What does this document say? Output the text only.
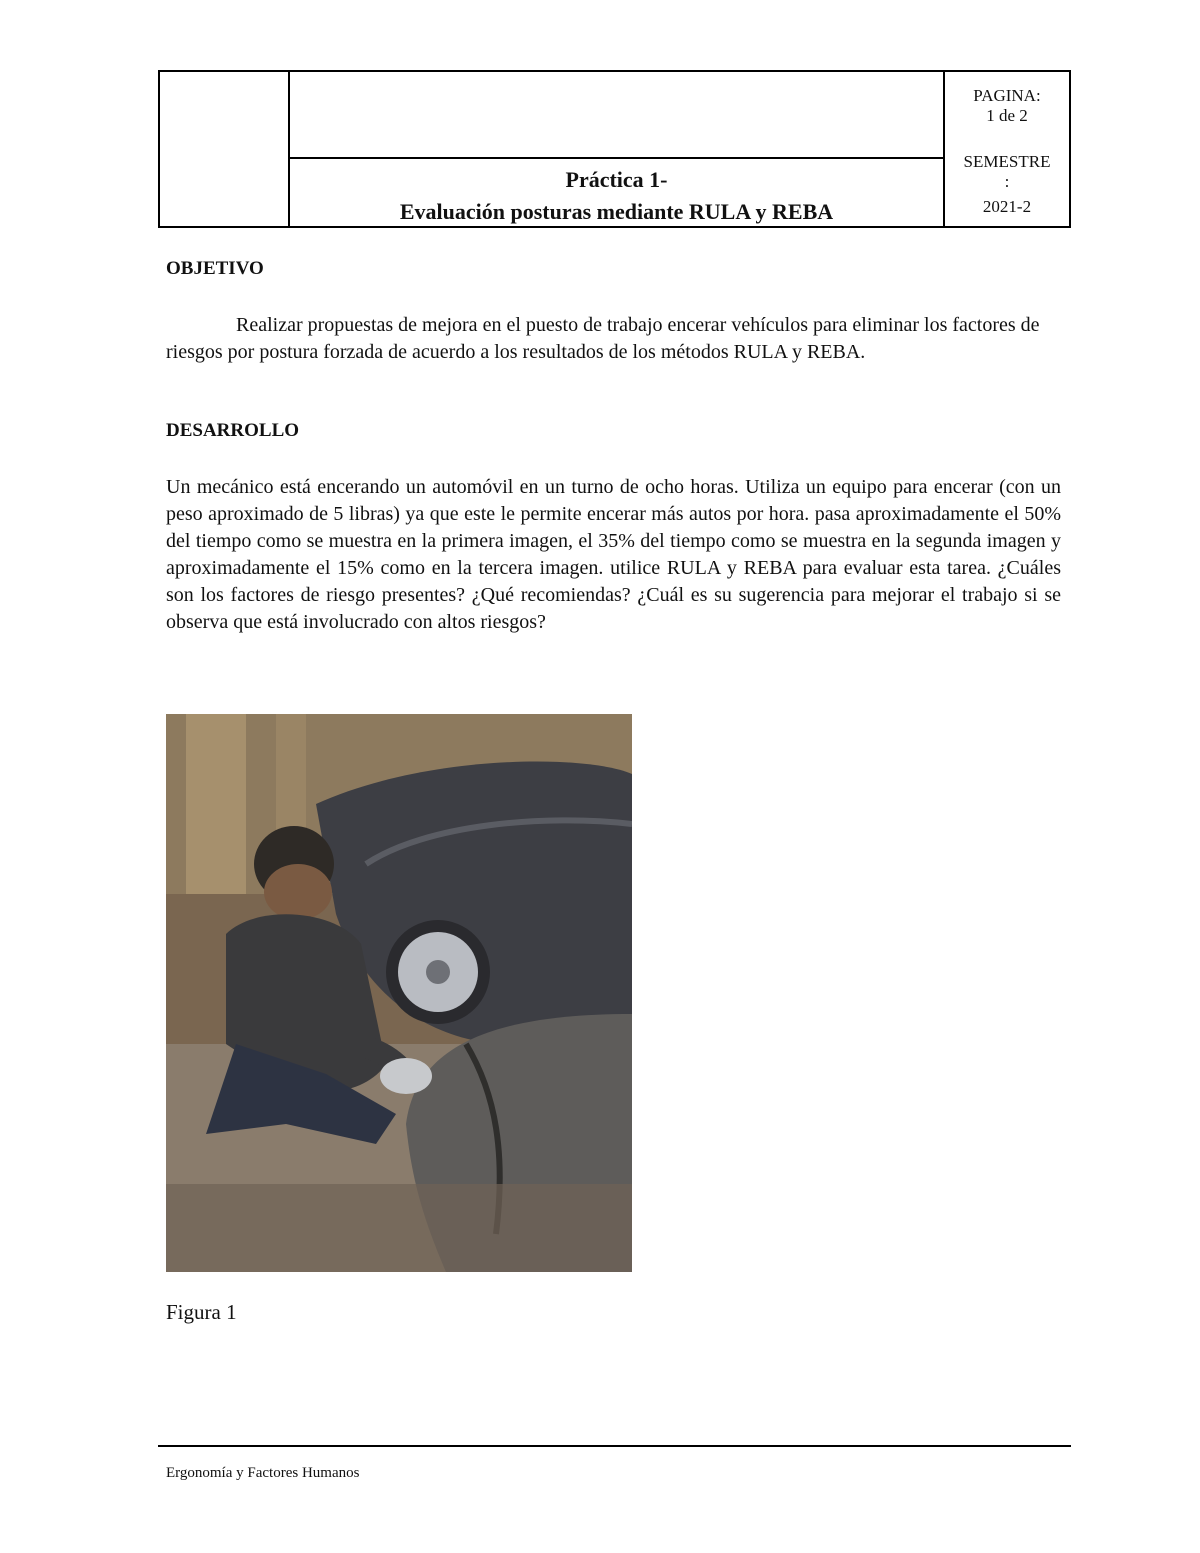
Práctica 1-
Evaluación posturas mediante RULA y REBA
PAGINA:
1 de 2
SEMESTRE
:
2021-2
OBJETIVO
Realizar propuestas de mejora en el puesto de trabajo encerar vehículos para eliminar los factores de riesgos por postura forzada de acuerdo a los resultados de los métodos RULA y REBA.
DESARROLLO
Un mecánico está encerando un automóvil en un turno de ocho horas. Utiliza un equipo para encerar (con un peso aproximado de 5 libras) ya que este le permite encerar más autos por hora. pasa aproximadamente el 50% del tiempo como se muestra en la primera imagen, el 35% del tiempo como se muestra en la segunda imagen y aproximadamente el 15% como en la tercera imagen. utilice RULA y REBA para evaluar esta tarea. ¿Cuáles son los factores de riesgo presentes? ¿Qué recomiendas? ¿Cuál es su sugerencia para mejorar el trabajo si se observa que está involucrado con altos riesgos?
Figura 1
Ergonomía y Factores Humanos
